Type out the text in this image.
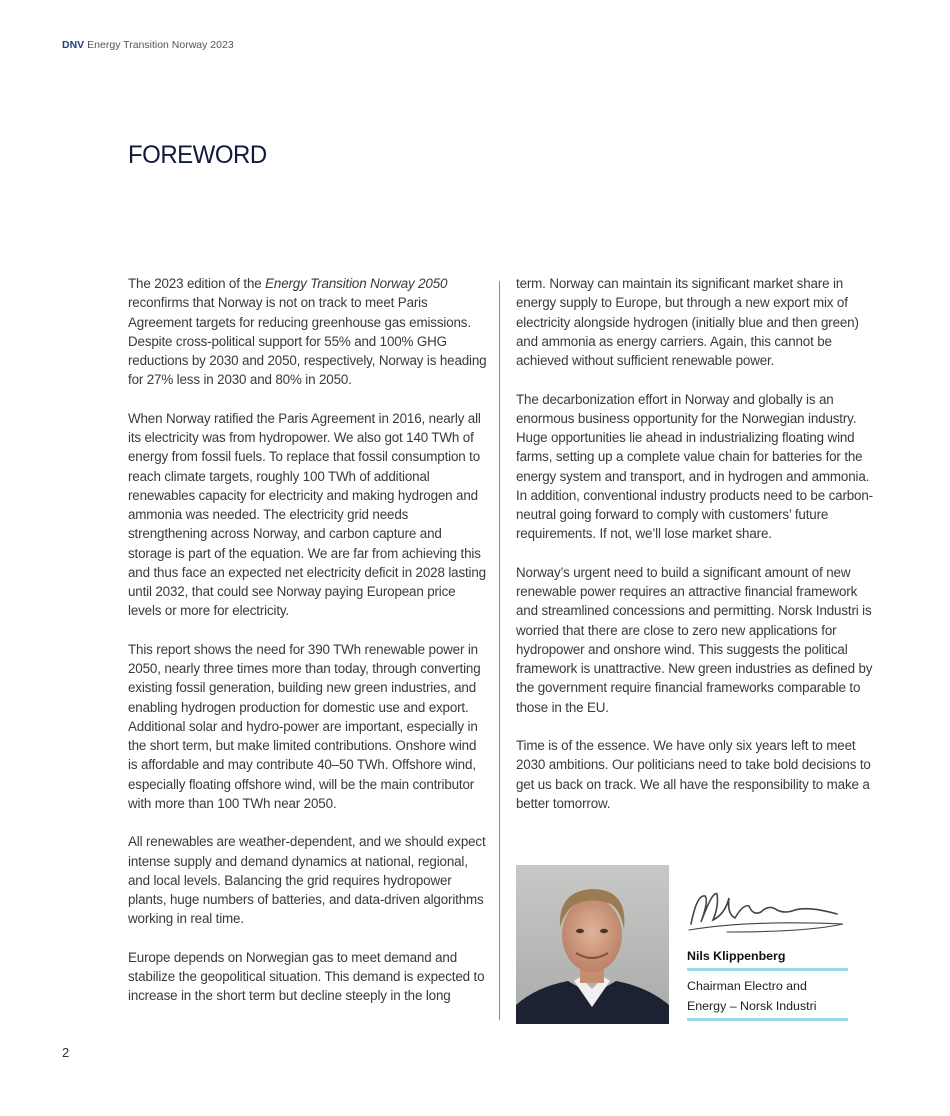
DNV Energy Transition Norway 2023
FOREWORD

The 2023 edition of the Energy Transition Norway 2050 reconfirms that Norway is not on track to meet Paris Agreement targets for reducing greenhouse gas emissions. Despite cross-political support for 55% and 100% GHG reductions by 2030 and 2050, respectively, Norway is heading for 27% less in 2030 and 80% in 2050.

When Norway ratified the Paris Agreement in 2016, nearly all its electricity was from hydropower. We also got 140 TWh of energy from fossil fuels. To replace that fossil consumption to reach climate targets, roughly 100 TWh of additional renewables capacity for electricity and making hydrogen and ammonia was needed. The electricity grid needs strengthening across Norway, and carbon capture and storage is part of the equation. We are far from achieving this and thus face an expected net electricity deficit in 2028 lasting until 2032, that could see Norway paying European price levels or more for electricity.

This report shows the need for 390 TWh renewable power in 2050, nearly three times more than today, through converting existing fossil generation, building new green industries, and enabling hydrogen production for domestic use and export. Additional solar and hydro-power are important, especially in the short term, but make limited contributions. Onshore wind is affordable and may contribute 40–50 TWh. Offshore wind, especially floating offshore wind, will be the main contributor with more than 100 TWh near 2050.

All renewables are weather-dependent, and we should expect intense supply and demand dynamics at national, regional, and local levels. Balancing the grid requires hydropower plants, huge numbers of batteries, and data-driven algorithms working in real time.

Europe depends on Norwegian gas to meet demand and stabilize the geopolitical situation. This demand is expected to increase in the short term but decline steeply in the long

term. Norway can maintain its significant market share in energy supply to Europe, but through a new export mix of electricity alongside hydrogen (initially blue and then green) and ammonia as energy carriers. Again, this cannot be achieved without sufficient renewable power.

The decarbonization effort in Norway and globally is an enormous business opportunity for the Norwegian industry. Huge opportunities lie ahead in industrializing floating wind farms, setting up a complete value chain for batteries for the energy system and transport, and in hydrogen and ammonia. In addition, conventional industry products need to be carbon-neutral going forward to comply with customers’ future requirements. If not, we’ll lose market share.

Norway’s urgent need to build a significant amount of new renewable power requires an attractive financial framework and streamlined concessions and permitting. Norsk Industri is worried that there are close to zero new applications for hydropower and onshore wind. This suggests the political framework is unattractive. New green industries as defined by the government require financial frameworks comparable to those in the EU.

Time is of the essence. We have only six years left to meet 2030 ambitions. Our politicians need to take bold decisions to get us back on track. We all have the responsibility to make a better tomorrow.

Nils Klippenberg
Chairman Electro and
Energy – Norsk Industri
2
